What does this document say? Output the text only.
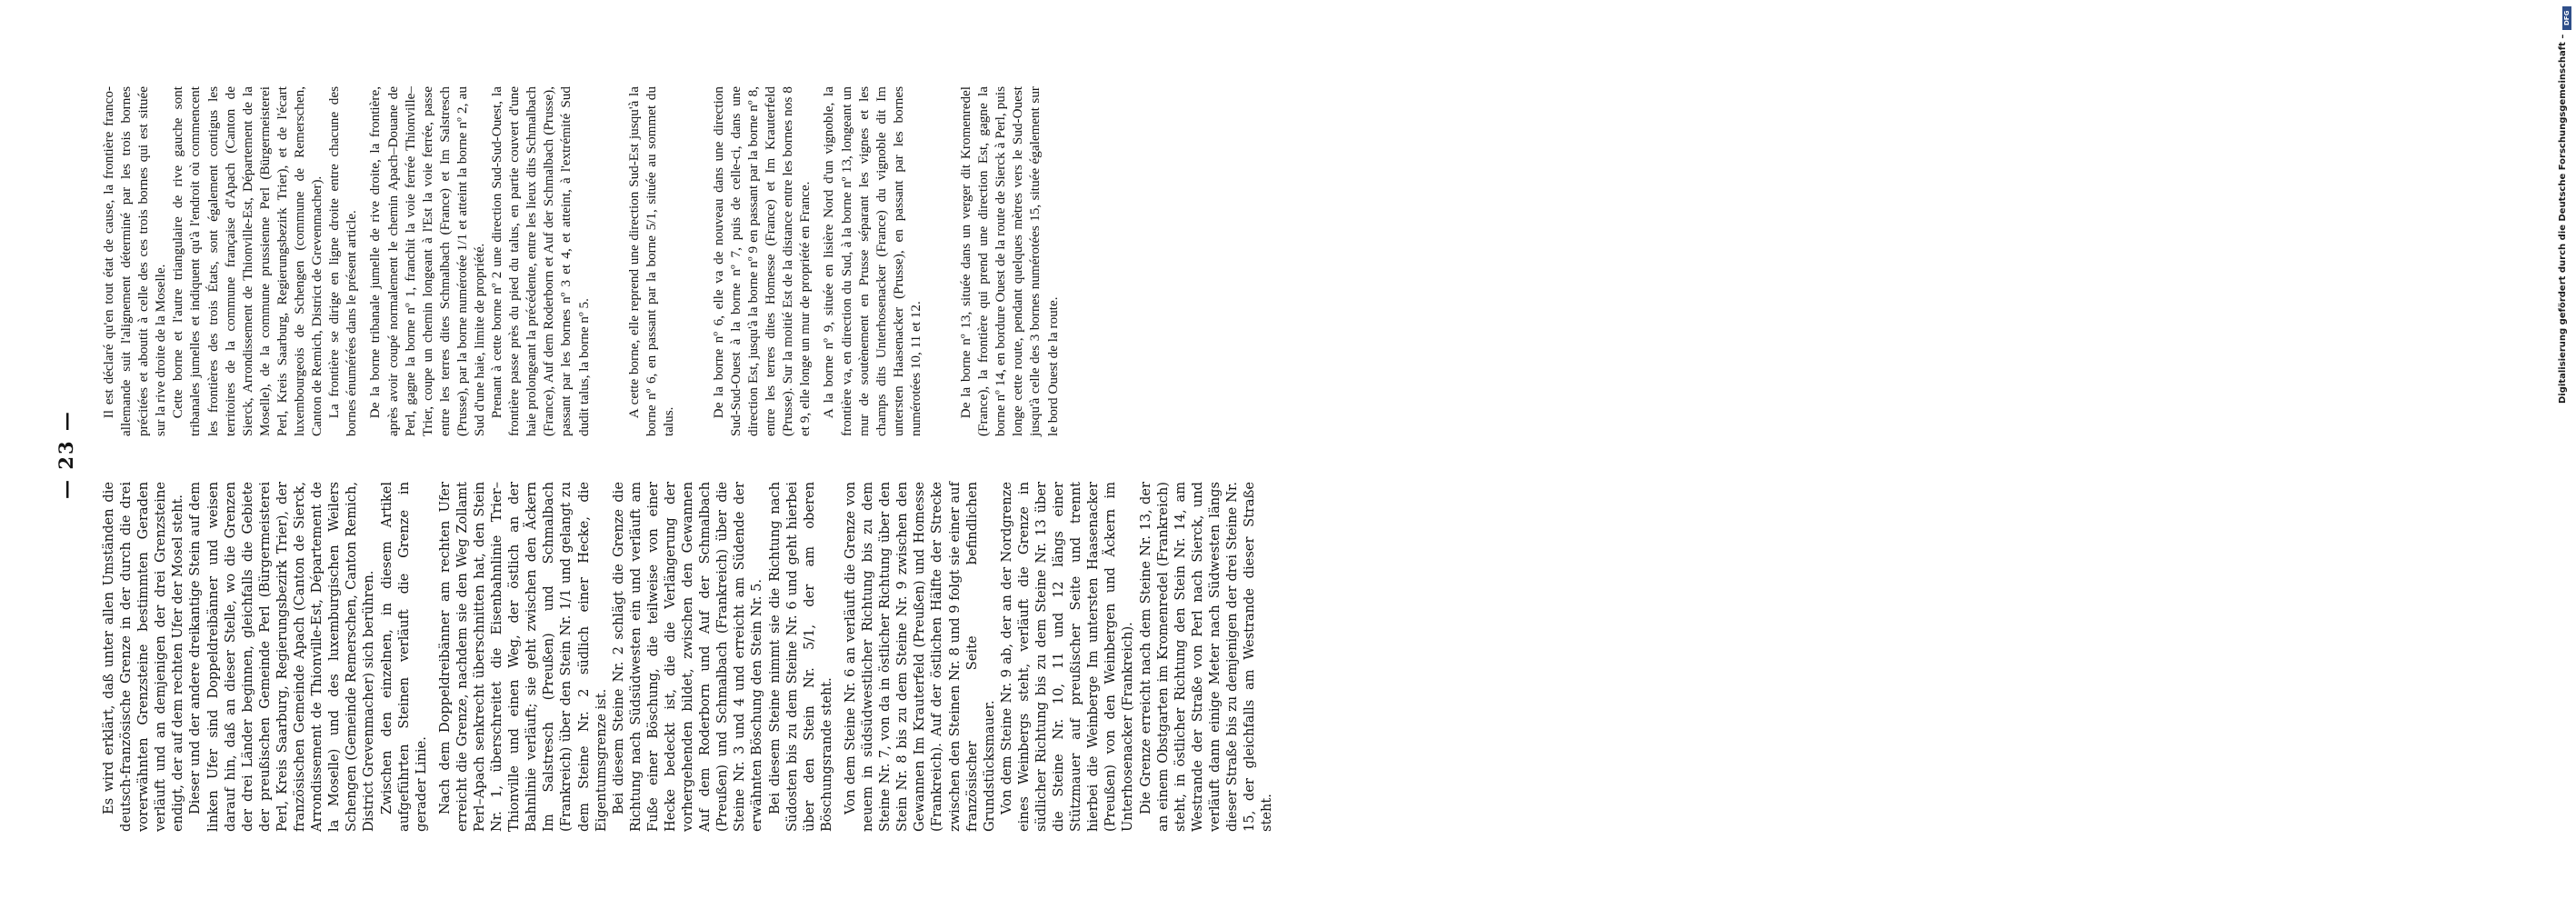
— 23 —

Es wird erklärt, daß unter allen Umständen die deutsch-französische Grenze in der durch die drei vorerwähnten Grenzsteine bestimmten Geraden verläuft und an demjenigen der drei Grenzsteine endigt, der auf dem rechten Ufer der Mosel steht. Dieser und der andere dreikantige Stein auf dem linken Ufer sind Doppeldreibänner und weisen darauf hin, daß an dieser Stelle, wo die Grenzen der drei Länder beginnen, gleichfalls die Gebiete der preußischen Gemeinde Perl (Bürgermeisterei Perl, Kreis Saarburg, Regierungsbezirk Trier), der französischen Gemeinde Apach (Canton de Sierck, Arrondissement de Thionville-Est, Département de la Moselle) und des luxemburgischen Weilers Schengen (Gemeinde Remerschen, Canton Remich, District Grevenmacher) sich berühren. Zwischen den einzelnen, in diesem Artikel aufgeführten Steinen verläuft die Grenze in gerader Linie. Nach dem Doppeldreibänner am rechten Ufer erreicht die Grenze, nachdem sie den Weg Zollamt Perl–Apach senkrecht überschnitten hat, den Stein Nr. 1, überschreitet die Eisenbahnlinie Trier–Thionville und einen Weg, der östlich an der Bahnlinie verläuft; sie geht zwischen den Äckern Im Salstresch (Preußen) und Schmalbach (Frankreich) über den Stein Nr. 1/1 und gelangt zu dem Steine Nr. 2 südlich einer Hecke, die Eigentumsgrenze ist. Bei diesem Steine Nr. 2 schlägt die Grenze die Richtung nach Südsüdwesten ein und verläuft am Fuße einer Böschung, die teilweise von einer Hecke bedeckt ist, die die Verlängerung der vorhergehenden bildet, zwischen den Gewannen Auf dem Roderborn und Auf der Schmalbach (Preußen) und Schmalbach (Frankreich) über die Steine Nr. 3 und 4 und erreicht am Südende der erwähnten Böschung den Stein Nr. 5. Bei diesem Steine nimmt sie die Richtung nach Südosten bis zu dem Steine Nr. 6 und geht hierbei über den Stein Nr. 5/1, der am oberen Böschungsrande steht. Von dem Steine Nr. 6 an verläuft die Grenze von neuem in südsüdwestlicher Richtung bis zu dem Steine Nr. 7, von da in östlicher Richtung über den Stein Nr. 8 bis zu dem Steine Nr. 9 zwischen den Gewannen Im Krauterfeld (Preußen) und Homesse (Frankreich). Auf der östlichen Hälfte der Strecke zwischen den Steinen Nr. 8 und 9 folgt sie einer auf französischer Seite befindlichen Grundstücksmauer. Von dem Steine Nr. 9 ab, der an der Nordgrenze eines Weinbergs steht, verläuft die Grenze in südlicher Richtung bis zu dem Steine Nr. 13 über die Steine Nr. 10, 11 und 12 längs einer Stützmauer auf preußischer Seite und trennt hierbei die Weinberge Im untersten Haasenacker (Preußen) von den Weinbergen und Äckern im Unterhosenacker (Frankreich). Die Grenze erreicht nach dem Steine Nr. 13, der an einem Obstgarten im Kromenredel (Frankreich) steht, in östlicher Richtung den Stein Nr. 14, am Westrande der Straße von Perl nach Sierck, und verläuft dann einige Meter nach Südwesten längs dieser Straße bis zu demjenigen der drei Steine Nr. 15, der gleichfalls am Westrande dieser Straße steht.

Il est déclaré qu'en tout état de cause, la frontière franco-allemande suit l'alignement déterminé par les trois bornes précitées et aboutit à celle des ces trois bornes qui est située sur la rive droite de la Moselle. Cette borne et l'autre triangulaire de rive gauche sont tribanales jumelles et indiquent qu'à l'endroit où commencent les frontières des trois États, sont également contigus les territoires de la commune française d'Apach (Canton de Sierck, Arrondissement de Thionville-Est, Département de la Moselle), de la commune prussienne Perl (Bürgermeisterei Perl, Kreis Saarburg, Regierungsbezirk Trier), et de l'écart luxembourgeois de Schengen (commune de Remerschen, Canton de Remich, District de Grevenmacher). La frontière se dirige en ligne droite entre chacune des bornes énumérées dans le présent article. De la borne tribanale jumelle de rive droite, la frontière, après avoir coupé normalement le chemin Apach–Douane de Perl, gagne la borne nº 1, franchit la voie ferrée Thionville–Trier, coupe un chemin longeant à l'Est la voie ferrée, passe entre les terres dites Schmalbach (France) et Im Salstresch (Prusse), par la borne numérotée 1/1 et atteint la borne nº 2, au Sud d'une haie, limite de propriété. Prenant à cette borne nº 2 une direction Sud-Sud-Ouest, la frontière passe près du pied du talus, en partie couvert d'une haie prolongeant la précédente, entre les lieux dits Schmalbach (France), Auf dem Roderborn et Auf der Schmalbach (Prusse), passant par les bornes nº 3 et 4, et atteint, à l'extrémité Sud dudit talus, la borne nº 5.	A cette borne, elle reprend une direction Sud-Est jusqu'à la borne nº 6, en passant par la borne 5/1, située au sommet du talus.

De la borne nº 6, elle va de nouveau dans une direction Sud-Sud-Ouest à la borne nº 7, puis de celle-ci, dans une direction Est, jusqu'à la borne nº 9 en passant par la borne nº 8, entre les terres dites Homesse (France) et Im Krauterfeld (Prusse). Sur la moitié Est de la distance entre les bornes nos 8 et 9, elle longe un mur de propriété en France. A la borne nº 9, située en lisière Nord d'un vignoble, la frontière va, en direction du Sud, à la borne nº 13, longeant un mur de soutènement en Prusse séparant les vignes et les champs dits Unterhosenacker (France) du vignoble dit Im untersten Haasenacker (Prusse), en passant par les bornes numérotées 10, 11 et 12.	De la borne nº 13, située dans un verger dit Kromenredel (France), la frontière qui prend une direction Est, gagne la borne nº 14, en bordure Ouest de la route de Sierck à Perl, puis longe cette route, pendant quelques mètres vers le Sud-Ouest jusqu'à celle des 3 bornes numérotées 15, située également sur le bord Ouest de la route.

DFG
Digitalisierung gefördert durch die Deutsche Forschungsgemeinschaft –
